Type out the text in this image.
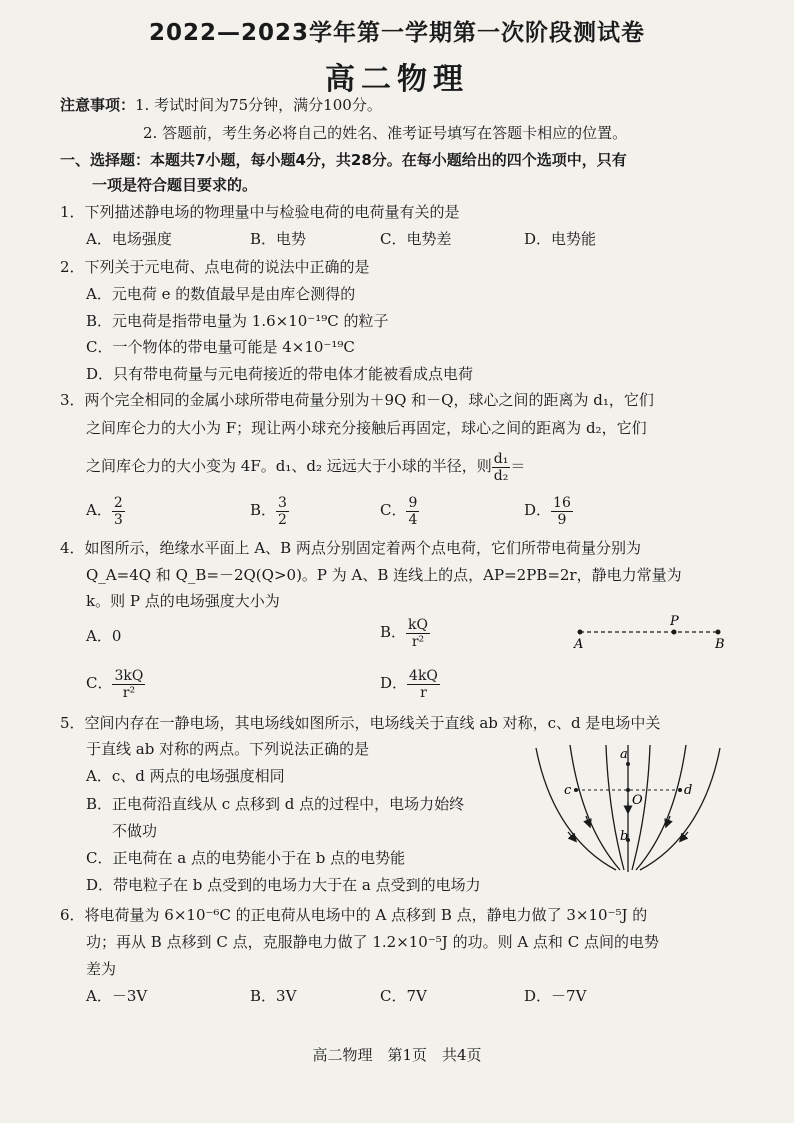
2022—2023学年第一学期第一次阶段测试卷
高二物理
注意事项：1. 考试时间为75分钟，满分100分。
2. 答题前，考生务必将自己的姓名、准考证号填写在答题卡相应的位置。
一、选择题：本题共7小题，每小题4分，共28分。在每小题给出的四个选项中，只有
一项是符合题目要求的。
1．下列描述静电场的物理量中与检验电荷的电荷量有关的是
A．电场强度	B．电势	C．电势差	D．电势能
2．下列关于元电荷、点电荷的说法中正确的是
A．元电荷 e 的数值最早是由库仑测得的
B．元电荷是指带电量为 1.6×10⁻¹⁹C 的粒子
C．一个物体的带电量可能是 4×10⁻¹⁹C
D．只有带电荷量与元电荷接近的带电体才能被看成点电荷
3．两个完全相同的金属小球所带电荷量分别为＋9Q 和－Q，球心之间的距离为 d₁，它们
之间库仑力的大小为 F；现让两小球充分接触后再固定，球心之间的距离为 d₂，它们
之间库仑力的大小变为 4F。d₁、d₂ 远远大于小球的半径，则 $\frac{\text{d₁}}{\text{d₂}}$ ＝
A． $\frac{2}{3}$	B． $\frac{3}{2}$	C． $\frac{9}{4}$	D． $\frac{16}{9}$
4．如图所示，绝缘水平面上 A、B 两点分别固定着两个点电荷，它们所带电荷量分别为
Q_A=4Q 和 Q_B=－2Q(Q>0)。P 为 A、B 连线上的点，AP=2PB=2r，静电力常量为
k。则 P 点的电场强度大小为
A．0	B． $\frac{kQ}{\text{r²}}$
C． $\frac{3kQ}{\text{r²}}$	D． $\frac{4kQ}{r}$
A
P
B
5．空间内存在一静电场，其电场线如图所示，电场线关于直线 ab 对称，c、d 是电场中关
于直线 ab 对称的两点。下列说法正确的是
A．c、d 两点的电场强度相同
B．正电荷沿直线从 c 点移到 d 点的过程中，电场力始终
不做功
C．正电荷在 a 点的电势能小于在 b 点的电势能
D．带电粒子在 b 点受到的电场力大于在 a 点受到的电场力
a
b
c	d
O
6．将电荷量为 6×10⁻⁶C 的正电荷从电场中的 A 点移到 B 点，静电力做了 3×10⁻⁵J 的
功；再从 B 点移到 C 点，克服静电力做了 1.2×10⁻⁵J 的功。则 A 点和 C 点间的电势
差为
A．－3V	B．3V	C．7V	D．－7V
高二物理　第1页　共4页
